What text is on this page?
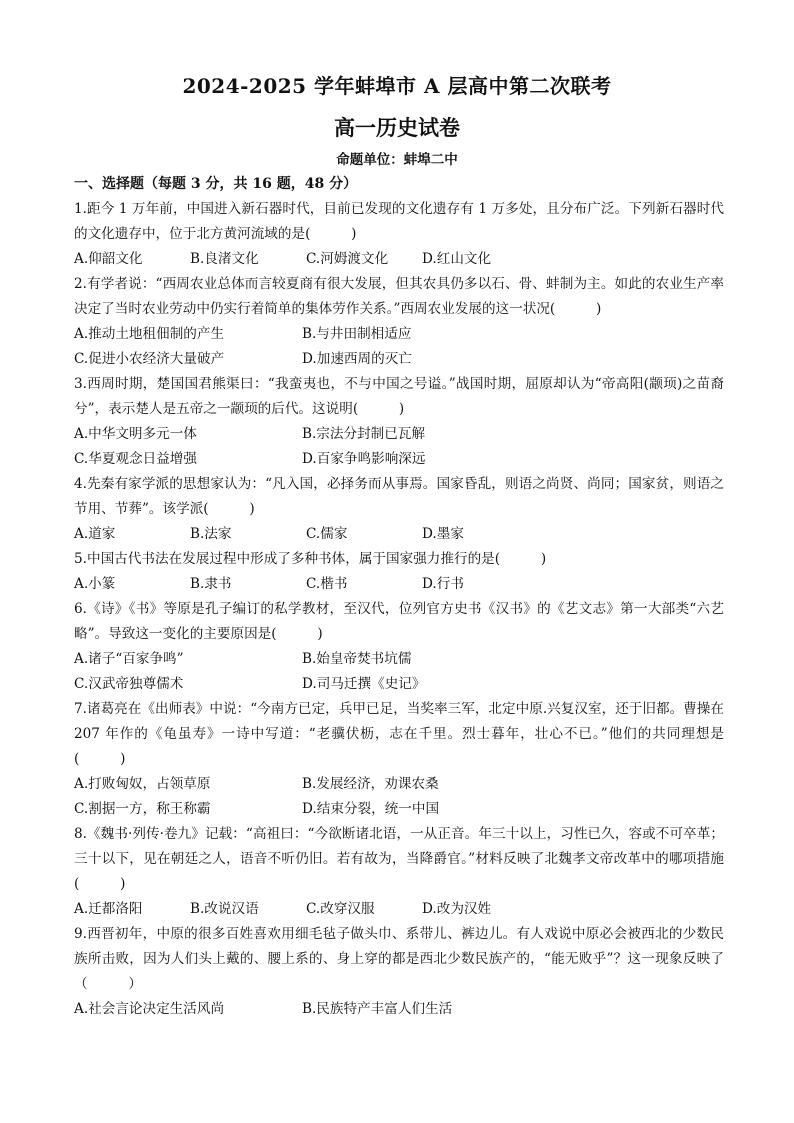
2024-2025 学年蚌埠市 A 层高中第二次联考
高一历史试卷
命题单位：蚌埠二中
一、选择题（每题 3 分，共 16 题，48 分）
1.距今 1 万年前，中国进入新石器时代，目前已发现的文化遗存有 1 万多处，且分布广泛。下列新石器时代的文化遗存中，位于北方黄河流域的是(　　　)
A.仰韶文化	B.良渚文化	C.河姆渡文化	D.红山文化
2.有学者说：“西周农业总体而言较夏商有很大发展，但其农具仍多以石、骨、蚌制为主。如此的农业生产率决定了当时农业劳动中仍实行着简单的集体劳作关系。”西周农业发展的这一状况(　　　)
A.推动土地租佃制的产生	B.与井田制相适应
C.促进小农经济大量破产	D.加速西周的灭亡
3.西周时期，楚国国君熊渠曰：“我蛮夷也，不与中国之号谥。”战国时期，屈原却认为“帝高阳(颛顼)之苗裔兮”，表示楚人是五帝之一颛顼的后代。这说明(　　　)
A.中华文明多元一体	B.宗法分封制已瓦解
C.华夏观念日益增强	D.百家争鸣影响深远
4.先秦有家学派的思想家认为：“凡入国，必择务而从事焉。国家昏乱，则语之尚贤、尚同；国家贫，则语之节用、节葬”。该学派(　　　)
A.道家	B.法家	C.儒家	D.墨家
5.中国古代书法在发展过程中形成了多种书体，属于国家强力推行的是(　　　)
A.小篆	B.隶书	C.楷书	D.行书
6.《诗》《书》等原是孔子编订的私学教材，至汉代，位列官方史书《汉书》的《艺文志》第一大部类“六艺略”。导致这一变化的主要原因是(　　　)
A.诸子“百家争鸣”	B.始皇帝焚书坑儒
C.汉武帝独尊儒术	D.司马迁撰《史记》
7.诸葛亮在《出师表》中说：“今南方已定，兵甲已足，当奖率三军，北定中原.兴复汉室，还于旧都。曹操在 207 年作的《龟虽寿》一诗中写道：“老骥伏枥，志在千里。烈士暮年，壮心不已。”他们的共同理想是(　　　)
A.打败匈奴，占领草原	B.发展经济，劝课农桑
C.割据一方，称王称霸	D.结束分裂，统一中国
8.《魏书·列传·卷九》记载：“高祖曰：“今欲断诸北语，一从正音。年三十以上，习性已久，容或不可卒革；三十以下，见在朝廷之人，语音不听仍旧。若有故为，当降爵官。”材料反映了北魏孝文帝改革中的哪项措施(　　　)
A.迁都洛阳	B.改说汉语	C.改穿汉服	D.改为汉姓
9.西晋初年，中原的很多百姓喜欢用细毛毡子做头巾、系带儿、裤边儿。有人戏说中原必会被西北的少数民族所击败，因为人们头上戴的、腰上系的、身上穿的都是西北少数民族产的，“能无败乎”？这一现象反映了（　　　）
A.社会言论决定生活风尚	B.民族特产丰富人们生活
